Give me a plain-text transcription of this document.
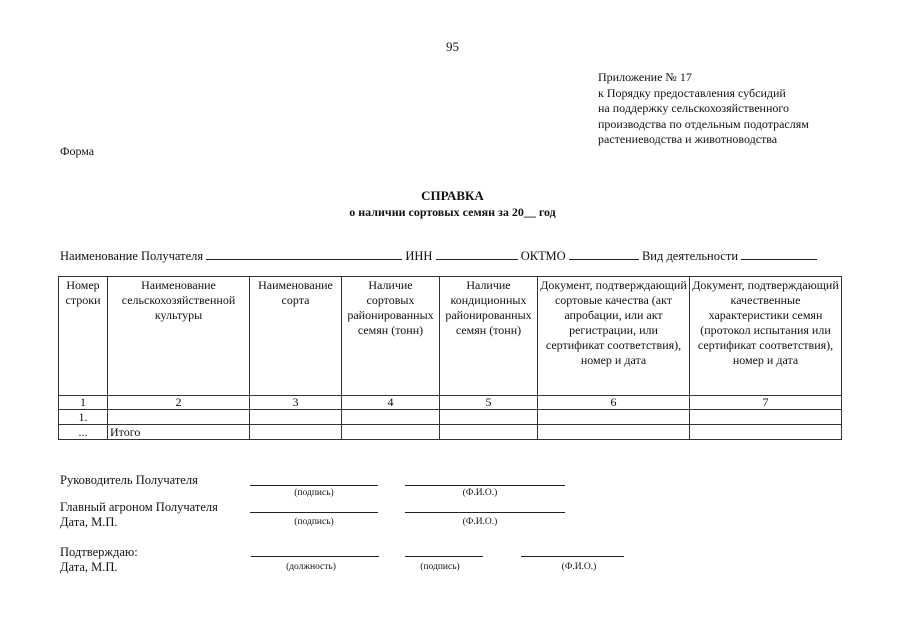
95
Приложение № 17
к Порядку предоставления субсидий
на поддержку сельскохозяйственного
производства по отдельным подотраслям
растениеводства и животноводства
Форма
СПРАВКА
о наличии сортовых семян за 20__ год
Наименование Получателя	ИНН	ОКТМО	Вид деятельности
Номер строки	Наименование сельскохозяйственной культуры	Наименование сорта	Наличие сортовых районированных семян (тонн)	Наличие кондиционных районированных семян (тонн)	Документ, подтверждающий сортовые качества (акт апробации, или акт регистрации, или сертификат соответствия), номер и дата	Документ, подтверждающий качественные характеристики семян (протокол испытания или сертификат соответствия), номер и дата
1	2	3	4	5	6	7
1.						
...	Итого					
Руководитель Получателя
(подпись)	(Ф.И.О.)
Главный агроном Получателя
Дата, М.П.	(подпись)	(Ф.И.О.)
Подтверждаю:
Дата, М.П.	(должность)	(подпись)	(Ф.И.О.)
